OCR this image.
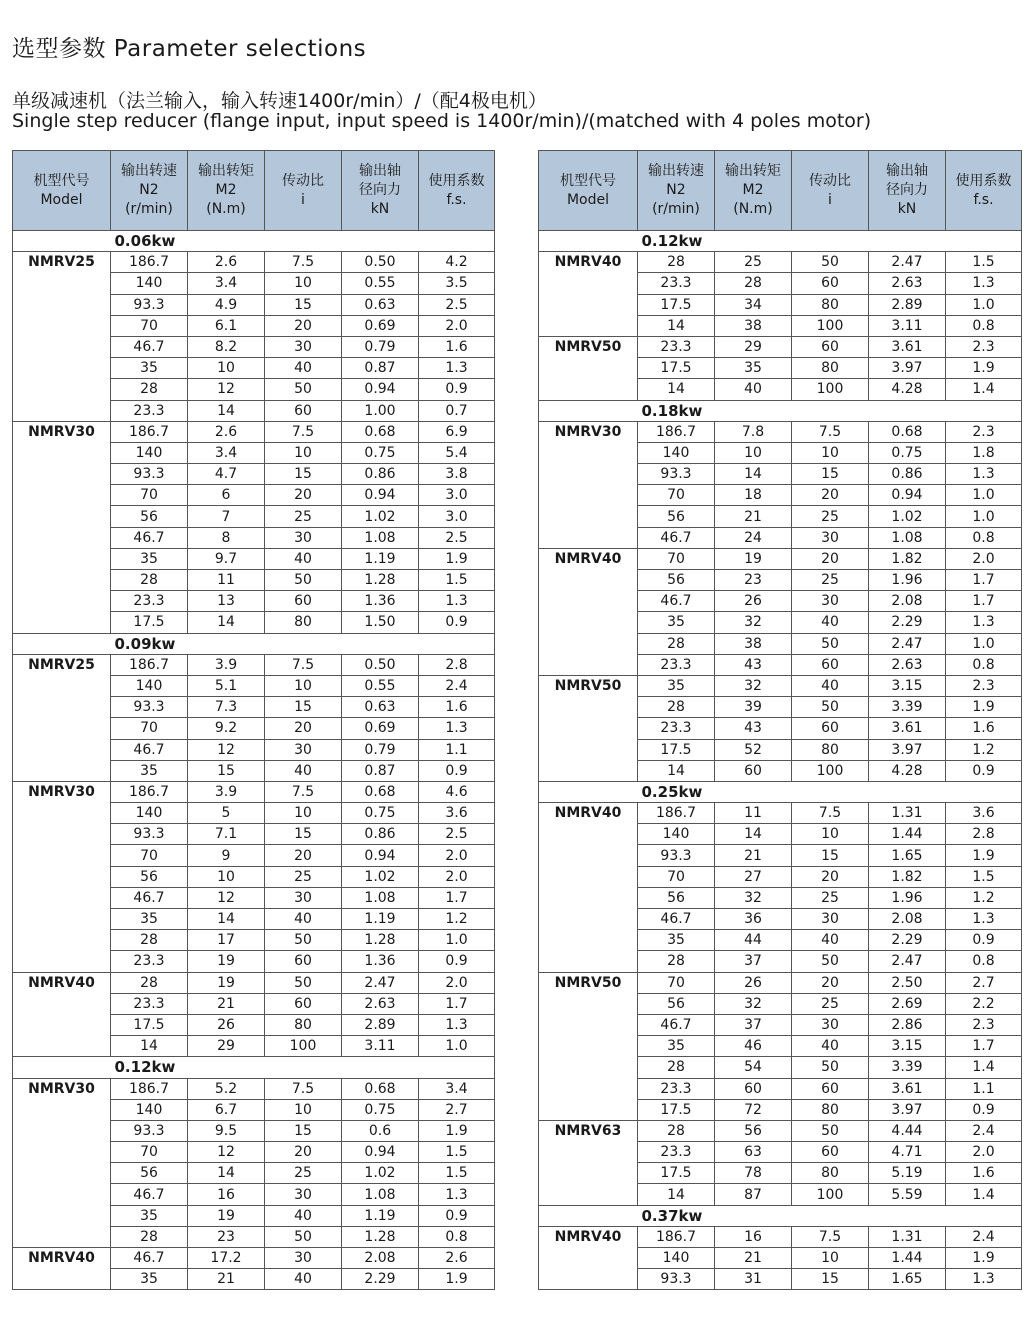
选型参数 Parameter selections
单级减速机（法兰输入，输入转速1400r/min）/（配4极电机）
Single step reducer (flange input, input speed is 1400r/min)/(matched with 4 poles motor)
机型代号
Model	输出转速
N2
(r/min)	输出转矩
M2
(N.m)	传动比
i	输出轴
径向力
kN	使用系数
f.s.

	0.06kw				
NMRV25	186.7	2.6	7.5	0.50	4.2
	140	3.4	10	0.55	3.5
	93.3	4.9	15	0.63	2.5
	70	6.1	20	0.69	2.0
	46.7	8.2	30	0.79	1.6
	35	10	40	0.87	1.3
	28	12	50	0.94	0.9
	23.3	14	60	1.00	0.7
NMRV30	186.7	2.6	7.5	0.68	6.9
	140	3.4	10	0.75	5.4
	93.3	4.7	15	0.86	3.8
	70	6	20	0.94	3.0
	56	7	25	1.02	3.0
	46.7	8	30	1.08	2.5
	35	9.7	40	1.19	1.9
	28	11	50	1.28	1.5
	23.3	13	60	1.36	1.3
	17.5	14	80	1.50	0.9
	0.09kw				
NMRV25	186.7	3.9	7.5	0.50	2.8
	140	5.1	10	0.55	2.4
	93.3	7.3	15	0.63	1.6
	70	9.2	20	0.69	1.3
	46.7	12	30	0.79	1.1
	35	15	40	0.87	0.9
NMRV30	186.7	3.9	7.5	0.68	4.6
	140	5	10	0.75	3.6
	93.3	7.1	15	0.86	2.5
	70	9	20	0.94	2.0
	56	10	25	1.02	2.0
	46.7	12	30	1.08	1.7
	35	14	40	1.19	1.2
	28	17	50	1.28	1.0
	23.3	19	60	1.36	0.9
NMRV40	28	19	50	2.47	2.0
	23.3	21	60	2.63	1.7
	17.5	26	80	2.89	1.3
	14	29	100	3.11	1.0
	0.12kw				
NMRV30	186.7	5.2	7.5	0.68	3.4
	140	6.7	10	0.75	2.7
	93.3	9.5	15	0.6	1.9
	70	12	20	0.94	1.5
	56	14	25	1.02	1.5
	46.7	16	30	1.08	1.3
	35	19	40	1.19	0.9
	28	23	50	1.28	0.8
NMRV40	46.7	17.2	30	2.08	2.6
	35	21	40	2.29	1.9
机型代号
Model	输出转速
N2
(r/min)	输出转矩
M2
(N.m)	传动比
i	输出轴
径向力
kN	使用系数
f.s.

	0.12kw				
NMRV40	28	25	50	2.47	1.5
	23.3	28	60	2.63	1.3
	17.5	34	80	2.89	1.0
	14	38	100	3.11	0.8
NMRV50	23.3	29	60	3.61	2.3
	17.5	35	80	3.97	1.9
	14	40	100	4.28	1.4
	0.18kw				
NMRV30	186.7	7.8	7.5	0.68	2.3
	140	10	10	0.75	1.8
	93.3	14	15	0.86	1.3
	70	18	20	0.94	1.0
	56	21	25	1.02	1.0
	46.7	24	30	1.08	0.8
NMRV40	70	19	20	1.82	2.0
	56	23	25	1.96	1.7
	46.7	26	30	2.08	1.7
	35	32	40	2.29	1.3
	28	38	50	2.47	1.0
	23.3	43	60	2.63	0.8
NMRV50	35	32	40	3.15	2.3
	28	39	50	3.39	1.9
	23.3	43	60	3.61	1.6
	17.5	52	80	3.97	1.2
	14	60	100	4.28	0.9
	0.25kw				
NMRV40	186.7	11	7.5	1.31	3.6
	140	14	10	1.44	2.8
	93.3	21	15	1.65	1.9
	70	27	20	1.82	1.5
	56	32	25	1.96	1.2
	46.7	36	30	2.08	1.3
	35	44	40	2.29	0.9
	28	37	50	2.47	0.8
NMRV50	70	26	20	2.50	2.7
	56	32	25	2.69	2.2
	46.7	37	30	2.86	2.3
	35	46	40	3.15	1.7
	28	54	50	3.39	1.4
	23.3	60	60	3.61	1.1
	17.5	72	80	3.97	0.9
NMRV63	28	56	50	4.44	2.4
	23.3	63	60	4.71	2.0
	17.5	78	80	5.19	1.6
	14	87	100	5.59	1.4
	0.37kw				
NMRV40	186.7	16	7.5	1.31	2.4
	140	21	10	1.44	1.9
	93.3	31	15	1.65	1.3
